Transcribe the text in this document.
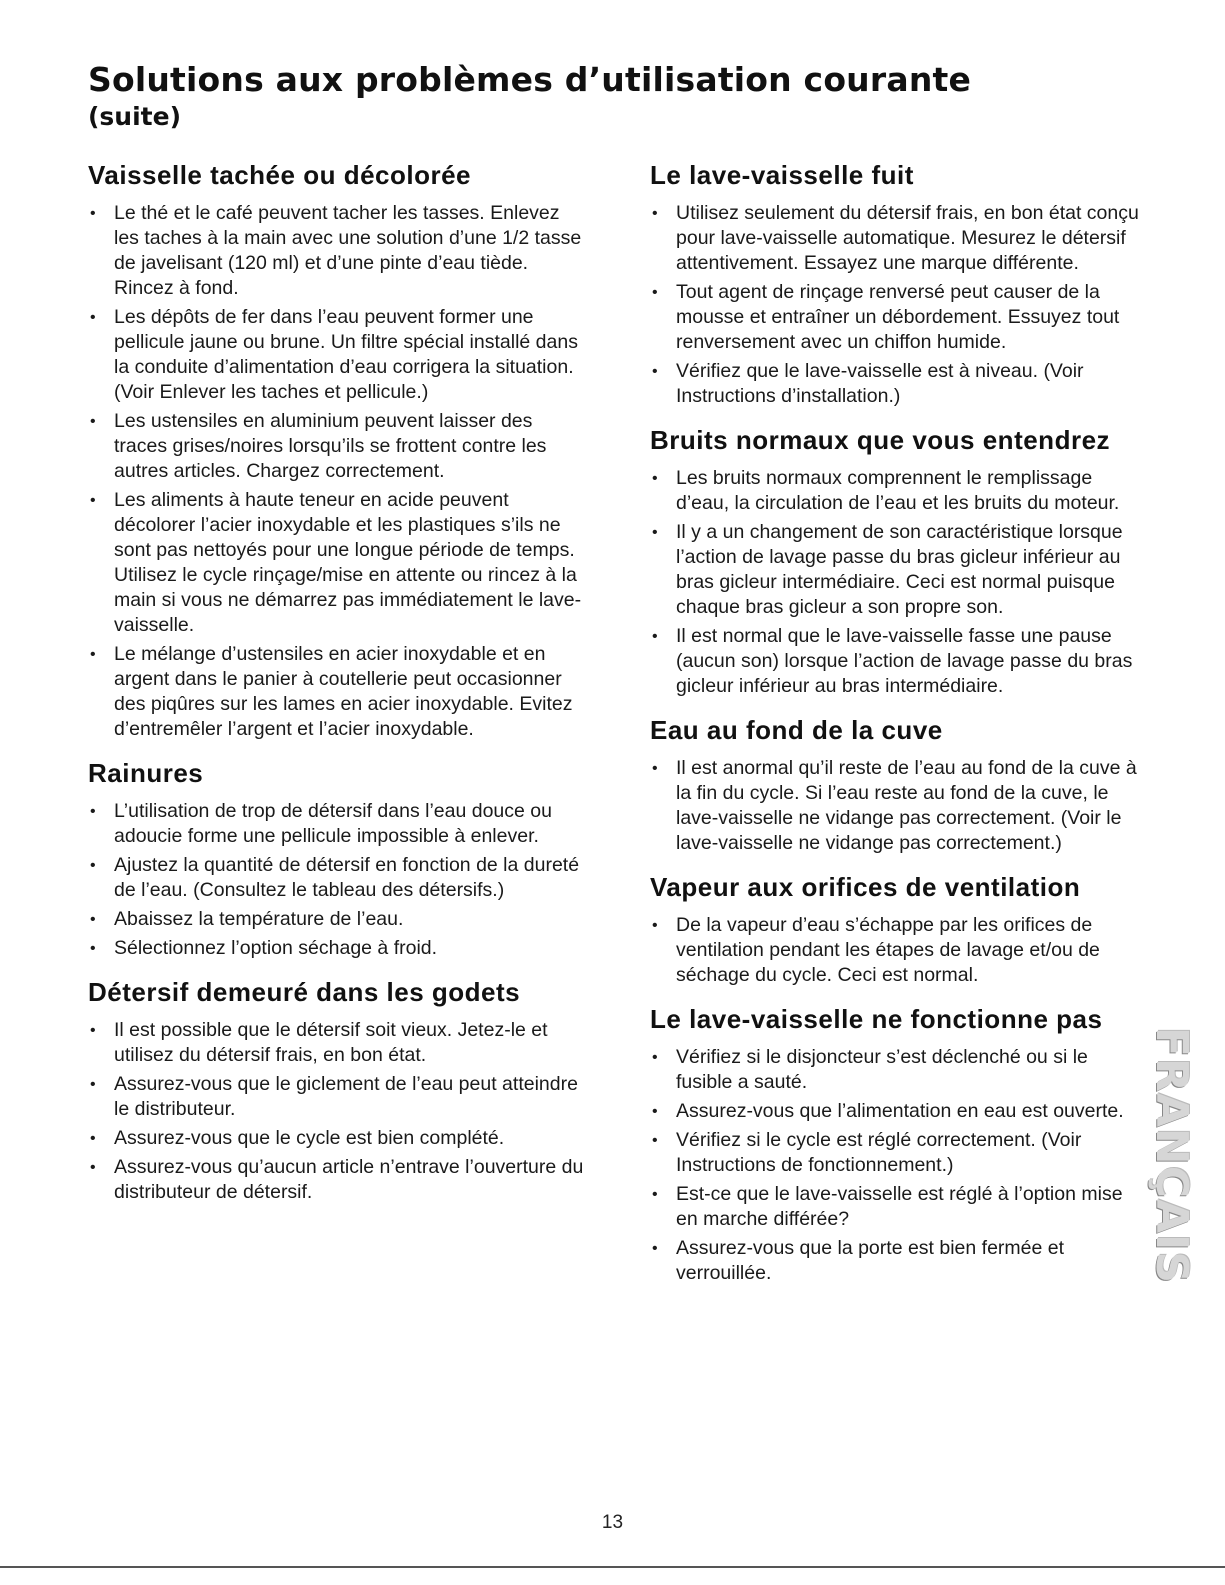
Solutions aux problèmes d’utilisation courante
(suite)
Vaisselle tachée ou décolorée
• Le thé et le café peuvent tacher les tasses. Enlevez les taches à la main avec une solution d’une 1/2 tasse de javelisant (120 ml) et d’une pinte d’eau tiède. Rincez à fond.
• Les dépôts de fer dans l’eau peuvent former une pellicule jaune ou brune. Un filtre spécial installé dans la conduite d’alimentation d’eau corrigera la situation. (Voir Enlever les taches et pellicule.)
• Les ustensiles en aluminium peuvent laisser des traces grises/noires lorsqu’ils se frottent contre les autres articles. Chargez correctement.
• Les aliments à haute teneur en acide peuvent décolorer l’acier inoxydable et les plastiques s’ils ne sont pas nettoyés pour une longue période de temps. Utilisez le cycle rinçage/mise en attente ou rincez à la main si vous ne démarrez pas immédiatement le lave-vaisselle.
• Le mélange d’ustensiles en acier inoxydable et en argent dans le panier à coutellerie peut occasionner des piqûres sur les lames en acier inoxydable. Evitez d’entremêler l’argent et l’acier inoxydable.
Rainures
• L’utilisation de trop de détersif dans l’eau douce ou adoucie forme une pellicule impossible à enlever.
• Ajustez la quantité de détersif en fonction de la dureté de l’eau. (Consultez le tableau des détersifs.)
• Abaissez la température de l’eau.
• Sélectionnez l’option séchage à froid.
Détersif demeuré dans les godets
• Il est possible que le détersif soit vieux. Jetez-le et utilisez du détersif frais, en bon état.
• Assurez-vous que le giclement de l’eau peut atteindre le distributeur.
• Assurez-vous que le cycle est bien complété.
• Assurez-vous qu’aucun article n’entrave l’ouverture du distributeur de détersif.
Le lave-vaisselle fuit
• Utilisez seulement du détersif frais, en bon état conçu pour lave-vaisselle automatique. Mesurez le détersif attentivement. Essayez une marque différente.
• Tout agent de rinçage renversé peut causer de la mousse et entraîner un débordement. Essuyez tout renversement avec un chiffon humide.
• Vérifiez que le lave-vaisselle est à niveau. (Voir Instructions d’installation.)
Bruits normaux que vous entendrez
• Les bruits normaux comprennent le remplissage d’eau, la circulation de l’eau et les bruits du moteur.
• Il y a un changement de son caractéristique lorsque l’action de lavage passe du bras gicleur inférieur au bras gicleur intermédiaire. Ceci est normal puisque chaque bras gicleur a son propre son.
• Il est normal que le lave-vaisselle fasse une pause (aucun son) lorsque l’action de lavage passe du bras gicleur inférieur au bras intermédiaire.
Eau au fond de la cuve
• Il est anormal qu’il reste de l’eau au fond de la cuve à la fin du cycle. Si l’eau reste au fond de la cuve, le lave-vaisselle ne vidange pas correctement. (Voir le lave-vaisselle ne vidange pas correctement.)
Vapeur aux orifices de ventilation
• De la vapeur d’eau s’échappe par les orifices de ventilation pendant les étapes de lavage et/ou de séchage du cycle. Ceci est normal.
Le lave-vaisselle ne fonctionne pas
• Vérifiez si le disjoncteur s’est déclenché ou si le fusible a sauté.
• Assurez-vous que l’alimentation en eau est ouverte.
• Vérifiez si le cycle est réglé correctement. (Voir Instructions de fonctionnement.)
• Est-ce que le lave-vaisselle est réglé à l’option mise en marche différée?
• Assurez-vous que la porte est bien fermée et verrouillée.	FRANÇAIS
13
